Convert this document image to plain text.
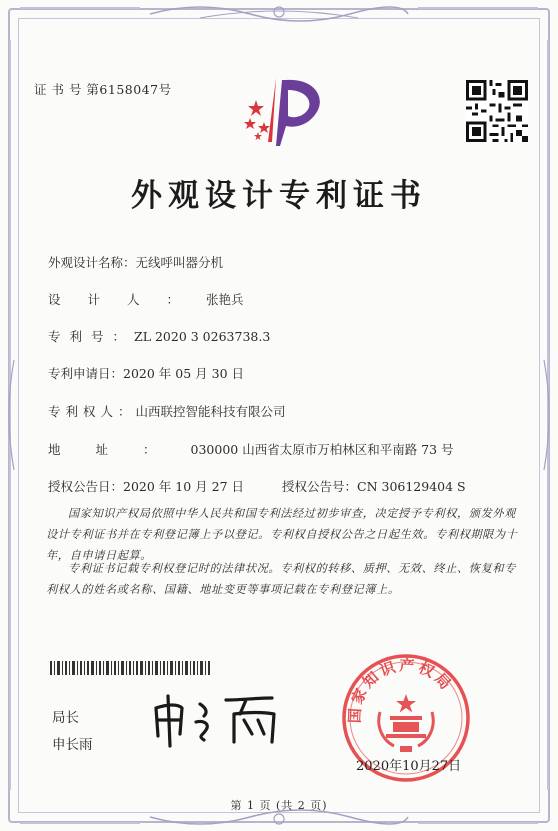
证 书 号 第6158047号
外观设计专利证书
外观设计名称：无线呼叫器分机
设计人：张艳兵
专利号：ZL 2020 3 0263738.3
专利申请日：2020 年 05 月 30 日
专利权人：山西联控智能科技有限公司
地址：030000 山西省太原市万柏林区和平南路 73 号
授权公告日：2020 年 10 月 27 日	授权公告号：CN 306129404 S
国家知识产权局依照中华人民共和国专利法经过初步审查，决定授予专利权，颁发外观设计专利证书并在专利登记簿上予以登记。专利权自授权公告之日起生效。专利权期限为十年，自申请日起算。
专利证书记载专利权登记时的法律状况。专利权的转移、质押、无效、终止、恢复和专利权人的姓名或名称、国籍、地址变更等事项记载在专利登记簿上。
局长
申长雨
国家知识产权局
2020年10月27日
第 1 页 (共 2 页)
